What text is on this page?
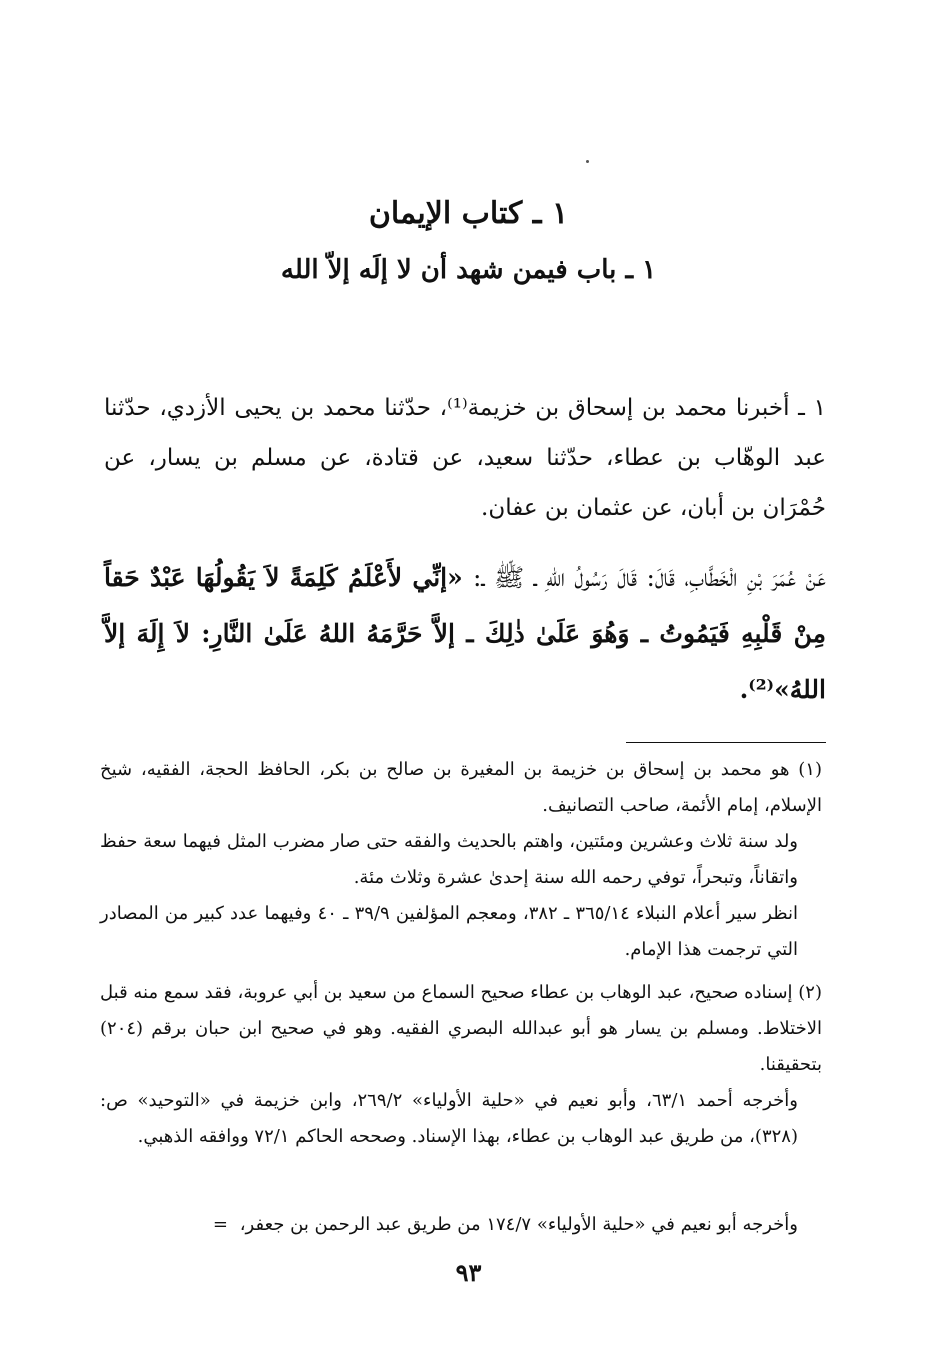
١ ـ كتاب الإيمان
١ ـ باب فيمن شهد أن لا إلَه إلاّ الله

١ ـ أخبرنا محمد بن إسحاق بن خزيمة⁽¹⁾، حدّثنا محمد بن يحيى الأزدي، حدّثنا عبد الوهّاب بن عطاء، حدّثنا سعيد، عن قتادة، عن مسلم بن يسار، عن حُمْرَان بن أبان، عن عثمان بن عفان.

عَنْ عُمَرَ بْنِ الْخَطَّابِ، قَالَ: قَالَ رَسُولُ اللهِ ـ ﷺ ـ: «إنِّي لأَعْلَمُ كَلِمَةً لاَ يَقُولُهَا عَبْدٌ حَقاً مِنْ قَلْبِهِ فَيَمُوتُ ـ وَهُوَ عَلَىٰ ذٰلِكَ ـ إلاَّ حَرَّمَهُ اللهُ عَلَىٰ النَّارِ: لاَ إِلَهَ إلاَّ اللهُ»⁽²⁾.

(١) هو محمد بن إسحاق بن خزيمة بن المغيرة بن صالح بن بكر، الحافظ الحجة، الفقيه، شيخ الإسلام، إمام الأئمة، صاحب التصانيف.

ولد سنة ثلاث وعشرين ومئتين، واهتم بالحديث والفقه حتى صار مضرب المثل فيهما سعة حفظ واتقاناً، وتبحراً، توفي رحمه الله سنة إحدىٰ عشرة وثلاث مئة.

انظر سير أعلام النبلاء ٣٦٥/١٤ ـ ٣٨٢، ومعجم المؤلفين ٣٩/٩ ـ ٤٠ وفيهما عدد كبير من المصادر التي ترجمت هذا الإمام.

(٢) إسناده صحيح، عبد الوهاب بن عطاء صحيح السماع من سعيد بن أبي عروبة، فقد سمع منه قبل الاختلاط. ومسلم بن يسار هو أبو عبدالله البصري الفقيه. وهو في صحيح ابن حبان برقم (٢٠٤) بتحقيقنا.

وأخرجه أحمد ٦٣/١، وأبو نعيم في «حلية الأولياء» ٢٦٩/٢، وابن خزيمة في «التوحيد» ص: (٣٢٨)، من طريق عبد الوهاب بن عطاء، بهذا الإسناد. وصححه الحاكم ٧٢/١ ووافقه الذهبي.

وأخرجه أبو نعيم في «حلية الأولياء» ١٧٤/٧ من طريق عبد الرحمن بن جعفر، =

٩٣
